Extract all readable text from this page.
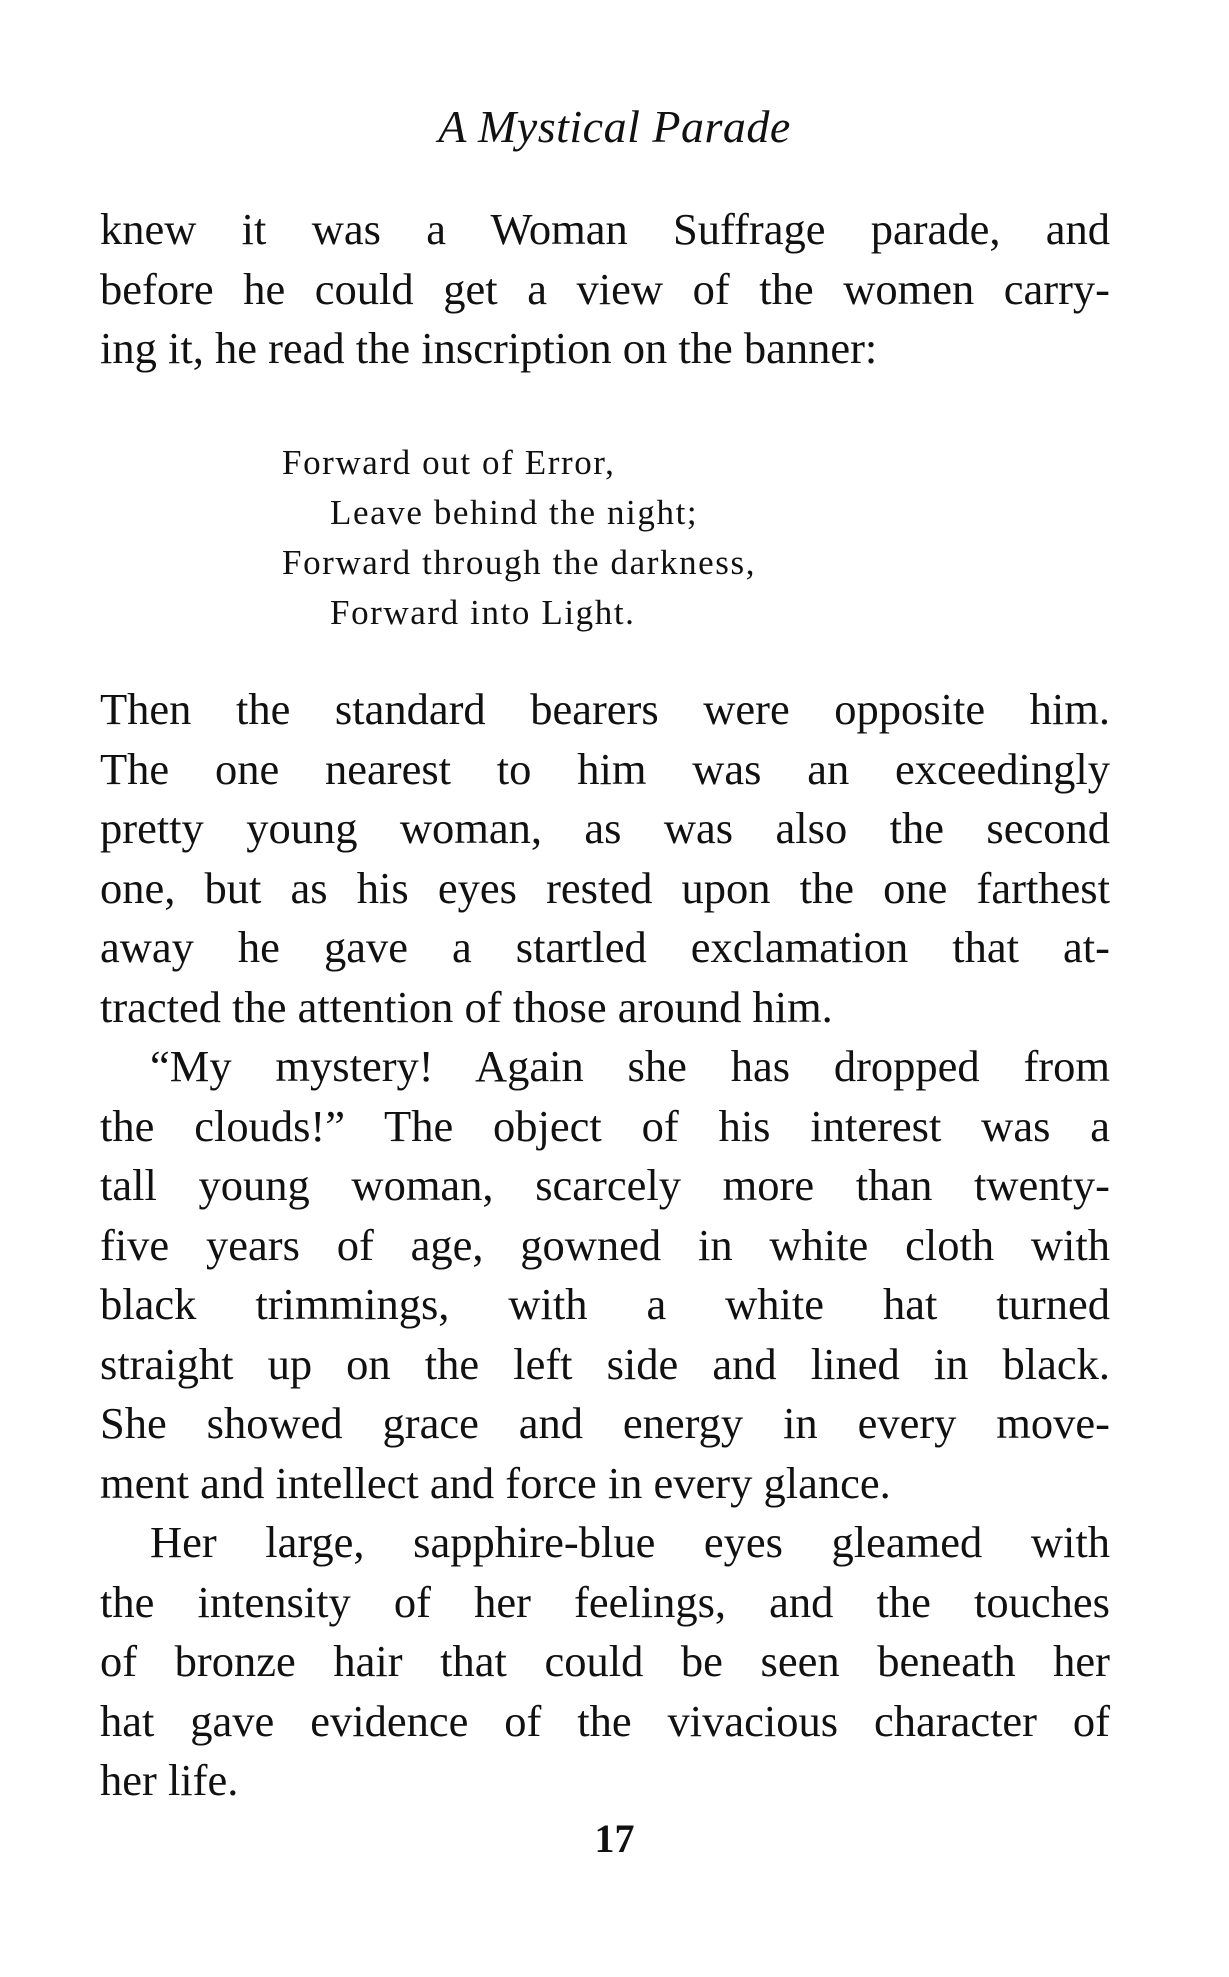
A Mystical Parade
knew it was a Woman Suffrage parade, and
before he could get a view of the women carry-
ing it, he read the inscription on the banner:
Forward out of Error,
Leave behind the night;
Forward through the darkness,
Forward into Light.
Then the standard bearers were opposite him.
The one nearest to him was an exceedingly
pretty young woman, as was also the second
one, but as his eyes rested upon the one farthest
away he gave a startled exclamation that at-
tracted the attention of those around him.
“My mystery! Again she has dropped from
the clouds!” The object of his interest was a
tall young woman, scarcely more than twenty-
five years of age, gowned in white cloth with
black trimmings, with a white hat turned
straight up on the left side and lined in black.
She showed grace and energy in every move-
ment and intellect and force in every glance.
Her large, sapphire-blue eyes gleamed with
the intensity of her feelings, and the touches
of bronze hair that could be seen beneath her
hat gave evidence of the vivacious character of
her life.
17
